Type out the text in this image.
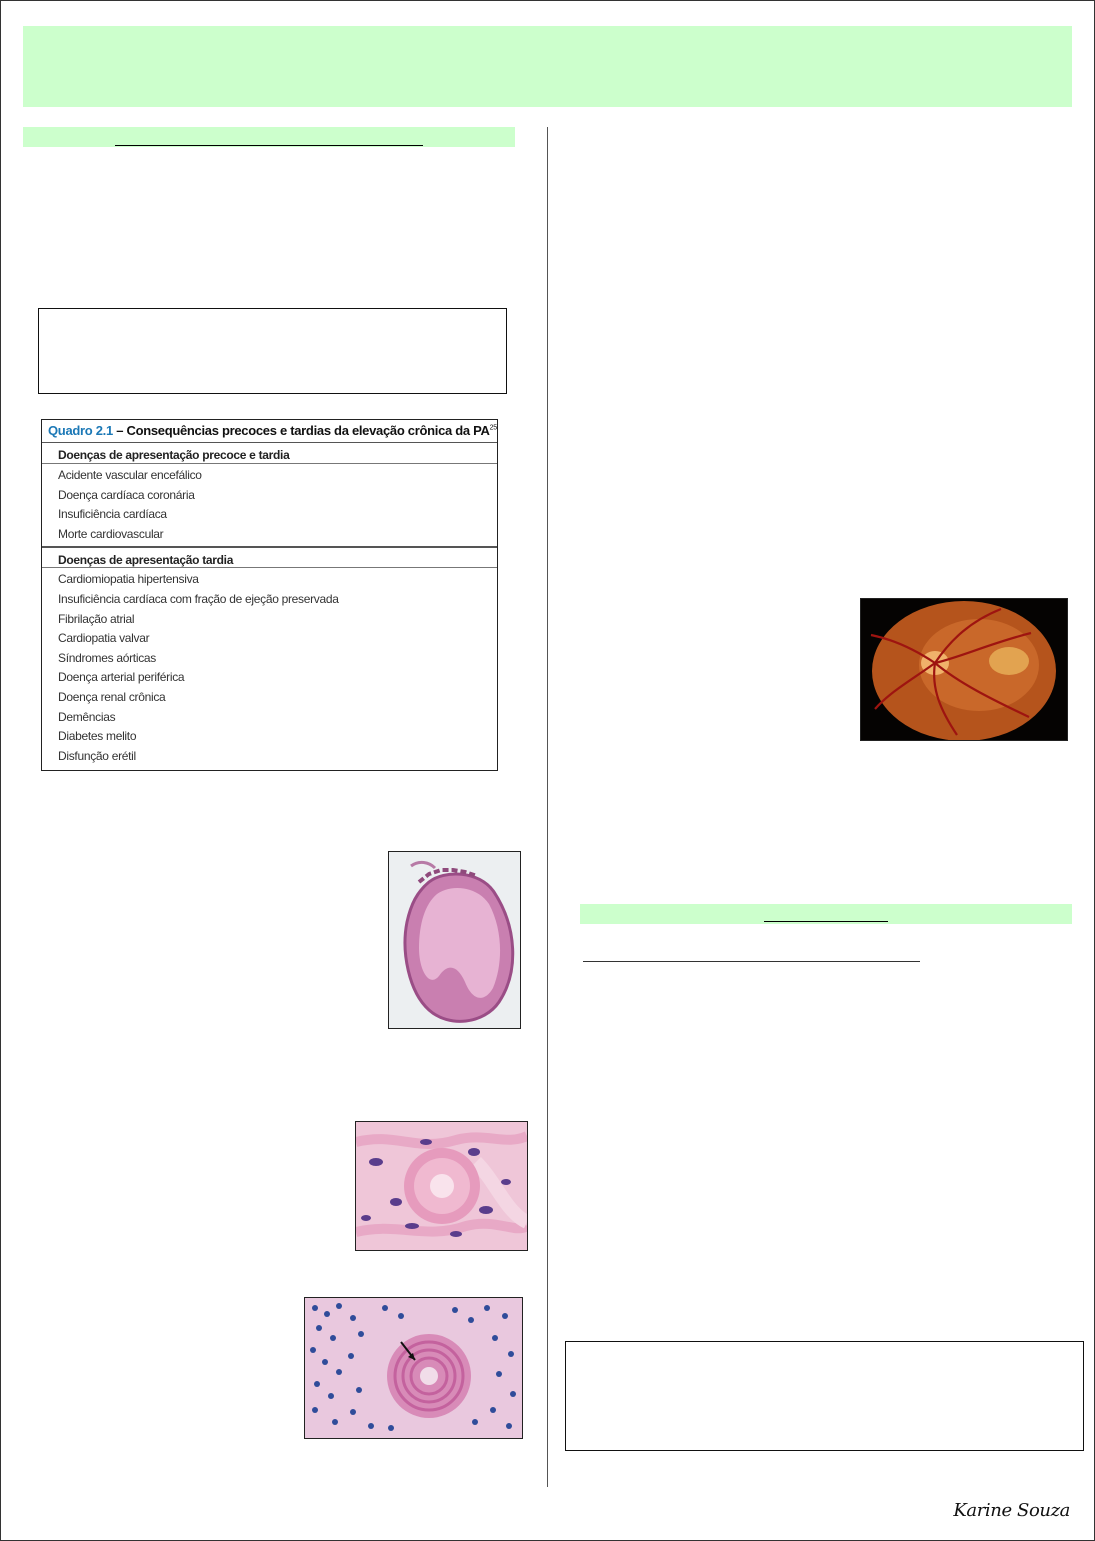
Quadro 2.1 – Consequências precoces e tardias da elevação crônica da PA$^{25}$
Doenças de apresentação precoce e tardia
Acidente vascular encefálico
Doença cardíaca coronária
Insuficiência cardíaca
Morte cardiovascular
Doenças de apresentação tardia
Cardiomiopatia hipertensiva
Insuficiência cardíaca com fração de ejeção preservada
Fibrilação atrial
Cardiopatia valvar
Síndromes aórticas
Doença arterial periférica
Doença renal crônica
Demências
Diabetes melito
Disfunção erétil
Karine Souza
